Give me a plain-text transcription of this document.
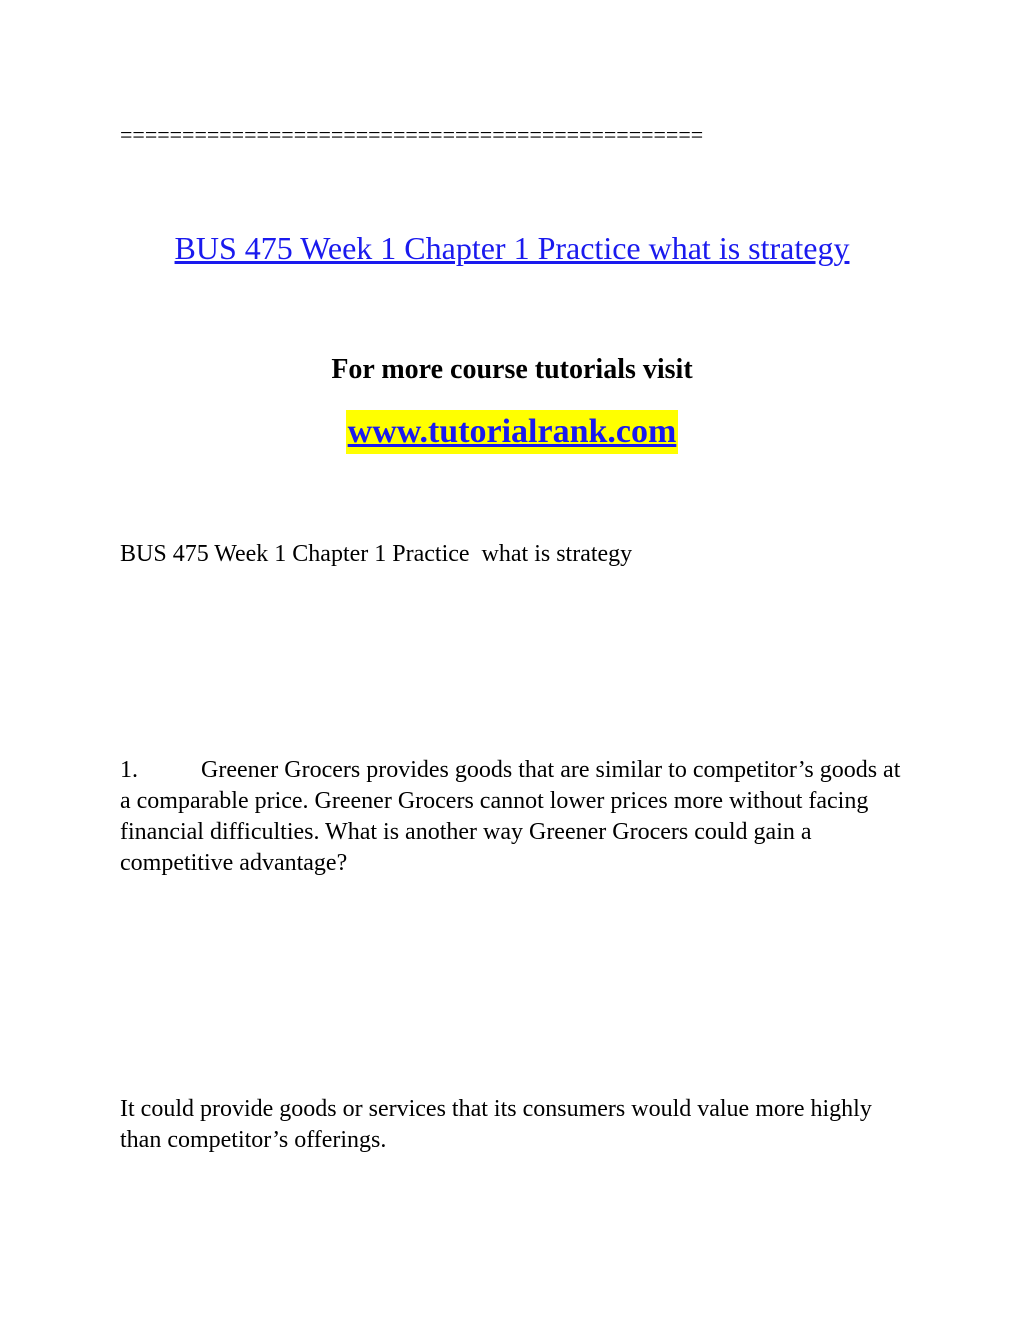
===============================================
BUS 475 Week 1 Chapter 1 Practice what is strategy
For more course tutorials visit
www.tutorialrank.com
BUS 475 Week 1 Chapter 1 Practice  what is strategy
1.	Greener Grocers provides goods that are similar to competitor’s goods at a comparable price. Greener Grocers cannot lower prices more without facing financial difficulties. What is another way Greener Grocers could gain a competitive advantage?
It could provide goods or services that its consumers would value more highly than competitor’s offerings.
